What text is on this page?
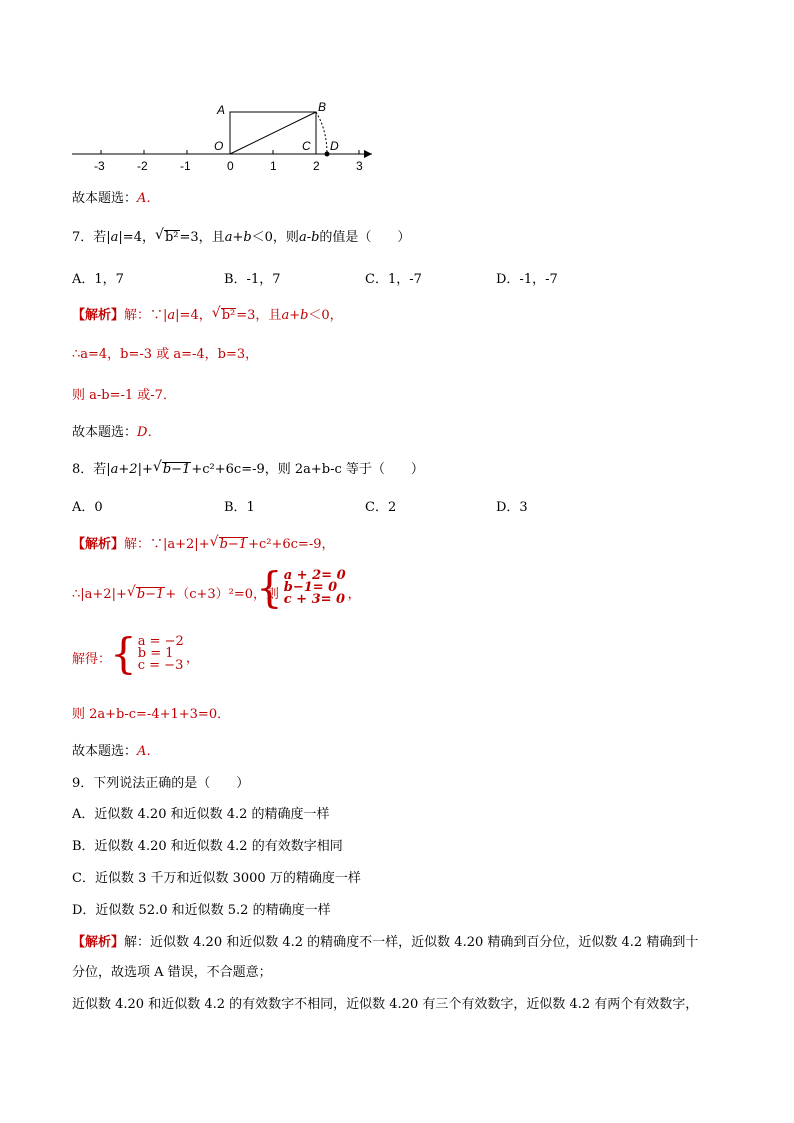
-3	-2	-1	0	1	2	3
A	B
O	C D
故本题选：A．
7．若|a|=4， √ b²=3，且a+b＜0，则a-b的值是（　　）
A．1，7	B．-1，7	C．1，-7	D．-1，-7
【解析】解：∵|a|=4， √ b²=3，且a+b＜0，
∴a=4，b=-3 或 a=-4，b=3，
则 a-b=-1 或-7．
故本题选：D．
8．若|a+2|+ √ b−1+c²+6c=-9，则 2a+b-c 等于（　　）
A．0	B．1	C．2	D．3
【解析】解：∵|a+2|+ √ b−1+c²+6c=-9，
∴|a+2|+ √ b−1+（c+3）²=0，则
{ a + 2= 0
b−1= 0
c + 3= 0 ，
解得：
{ a = −2
b = 1
c = −3 ，
则 2a+b-c=-4+1+3=0．
故本题选：A．
9．下列说法正确的是（　　）
A．近似数 4.20 和近似数 4.2 的精确度一样
B．近似数 4.20 和近似数 4.2 的有效数字相同
C．近似数 3 千万和近似数 3000 万的精确度一样
D．近似数 52.0 和近似数 5.2 的精确度一样
【解析】解：近似数 4.20 和近似数 4.2 的精确度不一样，近似数 4.20 精确到百分位，近似数 4.2 精确到十
分位，故选项 A 错误，不合题意；
近似数 4.20 和近似数 4.2 的有效数字不相同，近似数 4.20 有三个有效数字，近似数 4.2 有两个有效数字，
